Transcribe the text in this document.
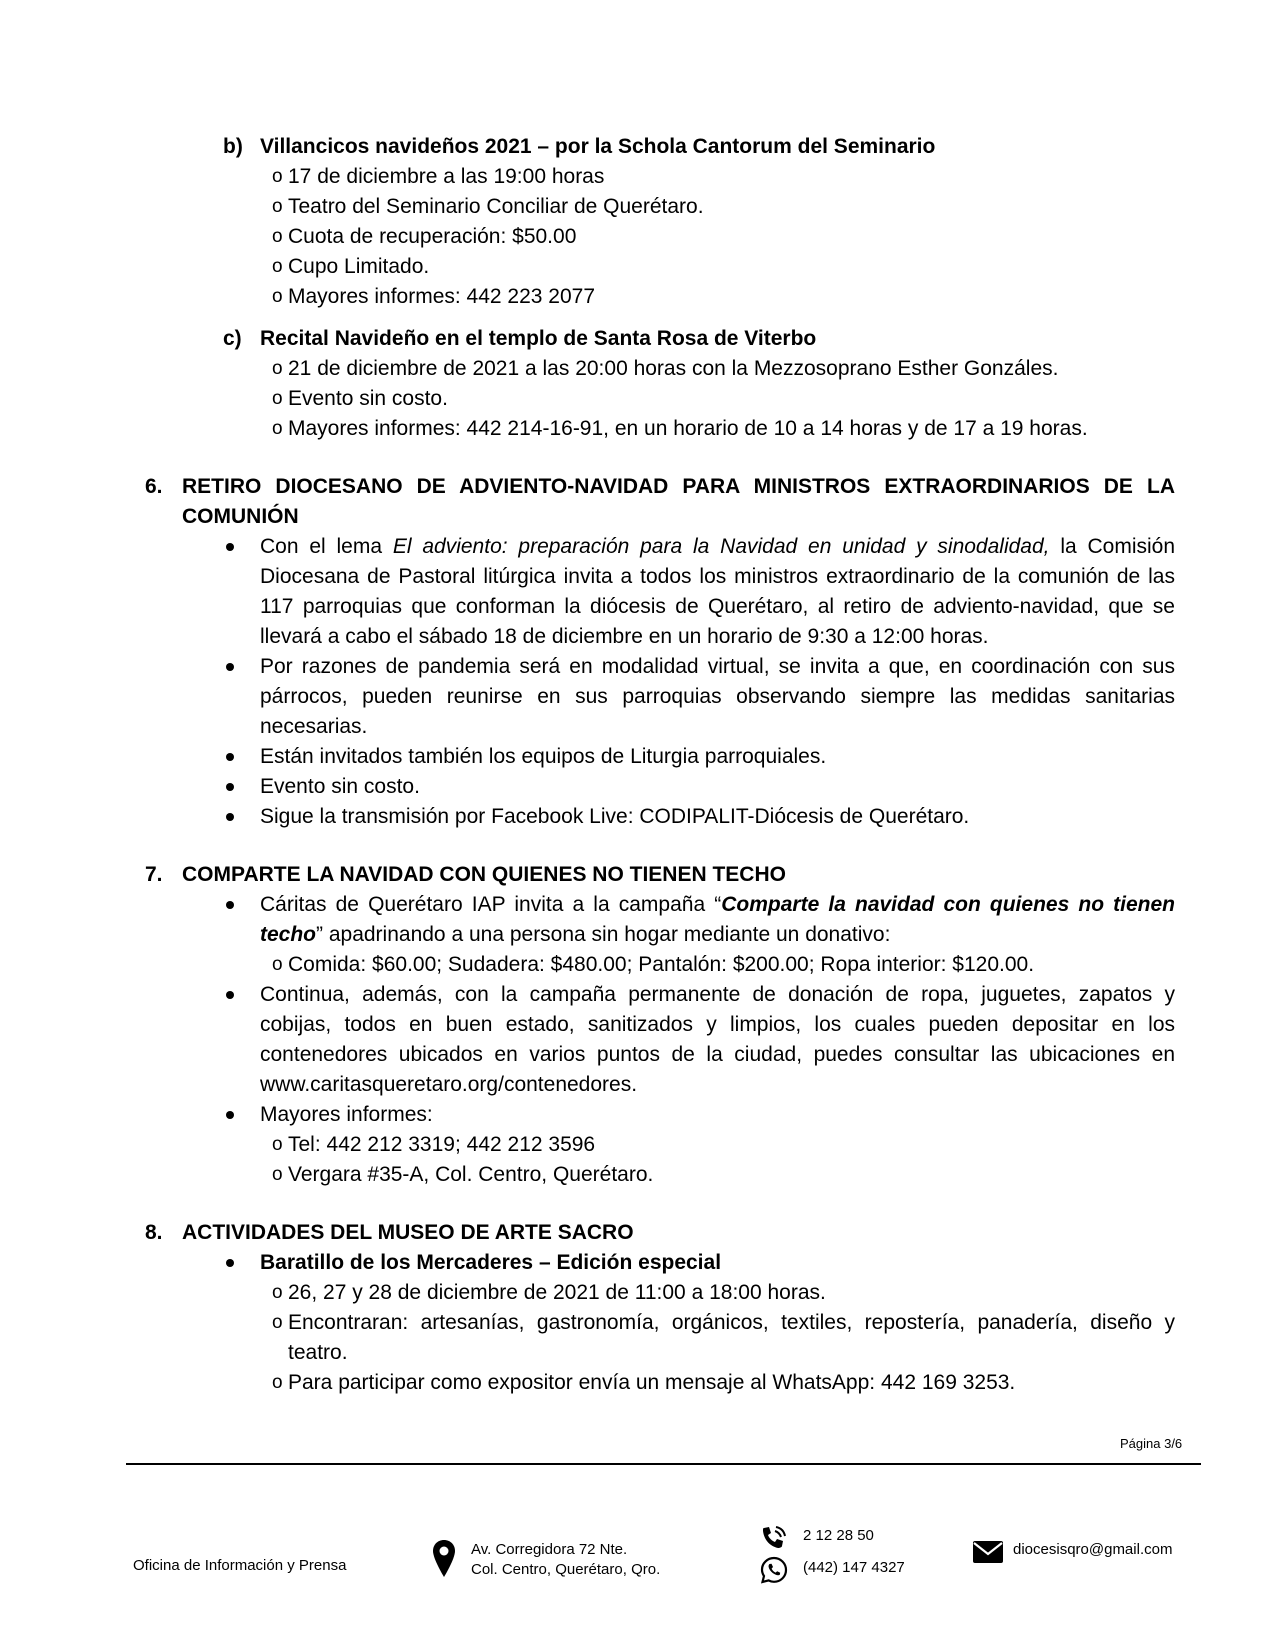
b) Villancicos navideños 2021 – por la Schola Cantorum del Seminario
o 17 de diciembre a las 19:00 horas
o Teatro del Seminario Conciliar de Querétaro.
o Cuota de recuperación: $50.00
o Cupo Limitado.
o Mayores informes: 442 223 2077
c) Recital Navideño en el templo de Santa Rosa de Viterbo
o 21 de diciembre de 2021 a las 20:00 horas con la Mezzosoprano Esther Gonzáles.
o Evento sin costo.
o Mayores informes: 442 214-16-91, en un horario de 10 a 14 horas y de 17 a 19 horas.
6. RETIRO DIOCESANO DE ADVIENTO-NAVIDAD PARA MINISTROS EXTRAORDINARIOS DE LA COMUNIÓN
Con el lema El adviento: preparación para la Navidad en unidad y sinodalidad, la Comisión Diocesana de Pastoral litúrgica invita a todos los ministros extraordinario de la comunión de las 117 parroquias que conforman la diócesis de Querétaro, al retiro de adviento-navidad, que se llevará a cabo el sábado 18 de diciembre en un horario de 9:30 a 12:00 horas.
Por razones de pandemia será en modalidad virtual, se invita a que, en coordinación con sus párrocos, pueden reunirse en sus parroquias observando siempre las medidas sanitarias necesarias.
Están invitados también los equipos de Liturgia parroquiales.
Evento sin costo.
Sigue la transmisión por Facebook Live: CODIPALIT-Diócesis de Querétaro.
7. COMPARTE LA NAVIDAD CON QUIENES NO TIENEN TECHO
Cáritas de Querétaro IAP invita a la campaña “Comparte la navidad con quienes no tienen techo” apadrinando a una persona sin hogar mediante un donativo:
o Comida: $60.00; Sudadera: $480.00; Pantalón: $200.00; Ropa interior: $120.00.
Continua, además, con la campaña permanente de donación de ropa, juguetes, zapatos y cobijas, todos en buen estado, sanitizados y limpios, los cuales pueden depositar en los contenedores ubicados en varios puntos de la ciudad, puedes consultar las ubicaciones en www.caritasqueretaro.org/contenedores.
Mayores informes:
o Tel: 442 212 3319; 442 212 3596
o Vergara #35-A, Col. Centro, Querétaro.
8. ACTIVIDADES DEL MUSEO DE ARTE SACRO
Baratillo de los Mercaderes – Edición especial
o 26, 27 y 28 de diciembre de 2021 de 11:00 a 18:00 horas.
o Encontraran: artesanías, gastronomía, orgánicos, textiles, repostería, panadería, diseño y teatro.
o Para participar como expositor envía un mensaje al WhatsApp: 442 169 3253.
Página 3/6
Oficina de Información y Prensa
Av. Corregidora 72 Nte.
Col. Centro, Querétaro, Qro.
2 12 28 50
(442) 147 4327
diocesisqro@gmail.com
